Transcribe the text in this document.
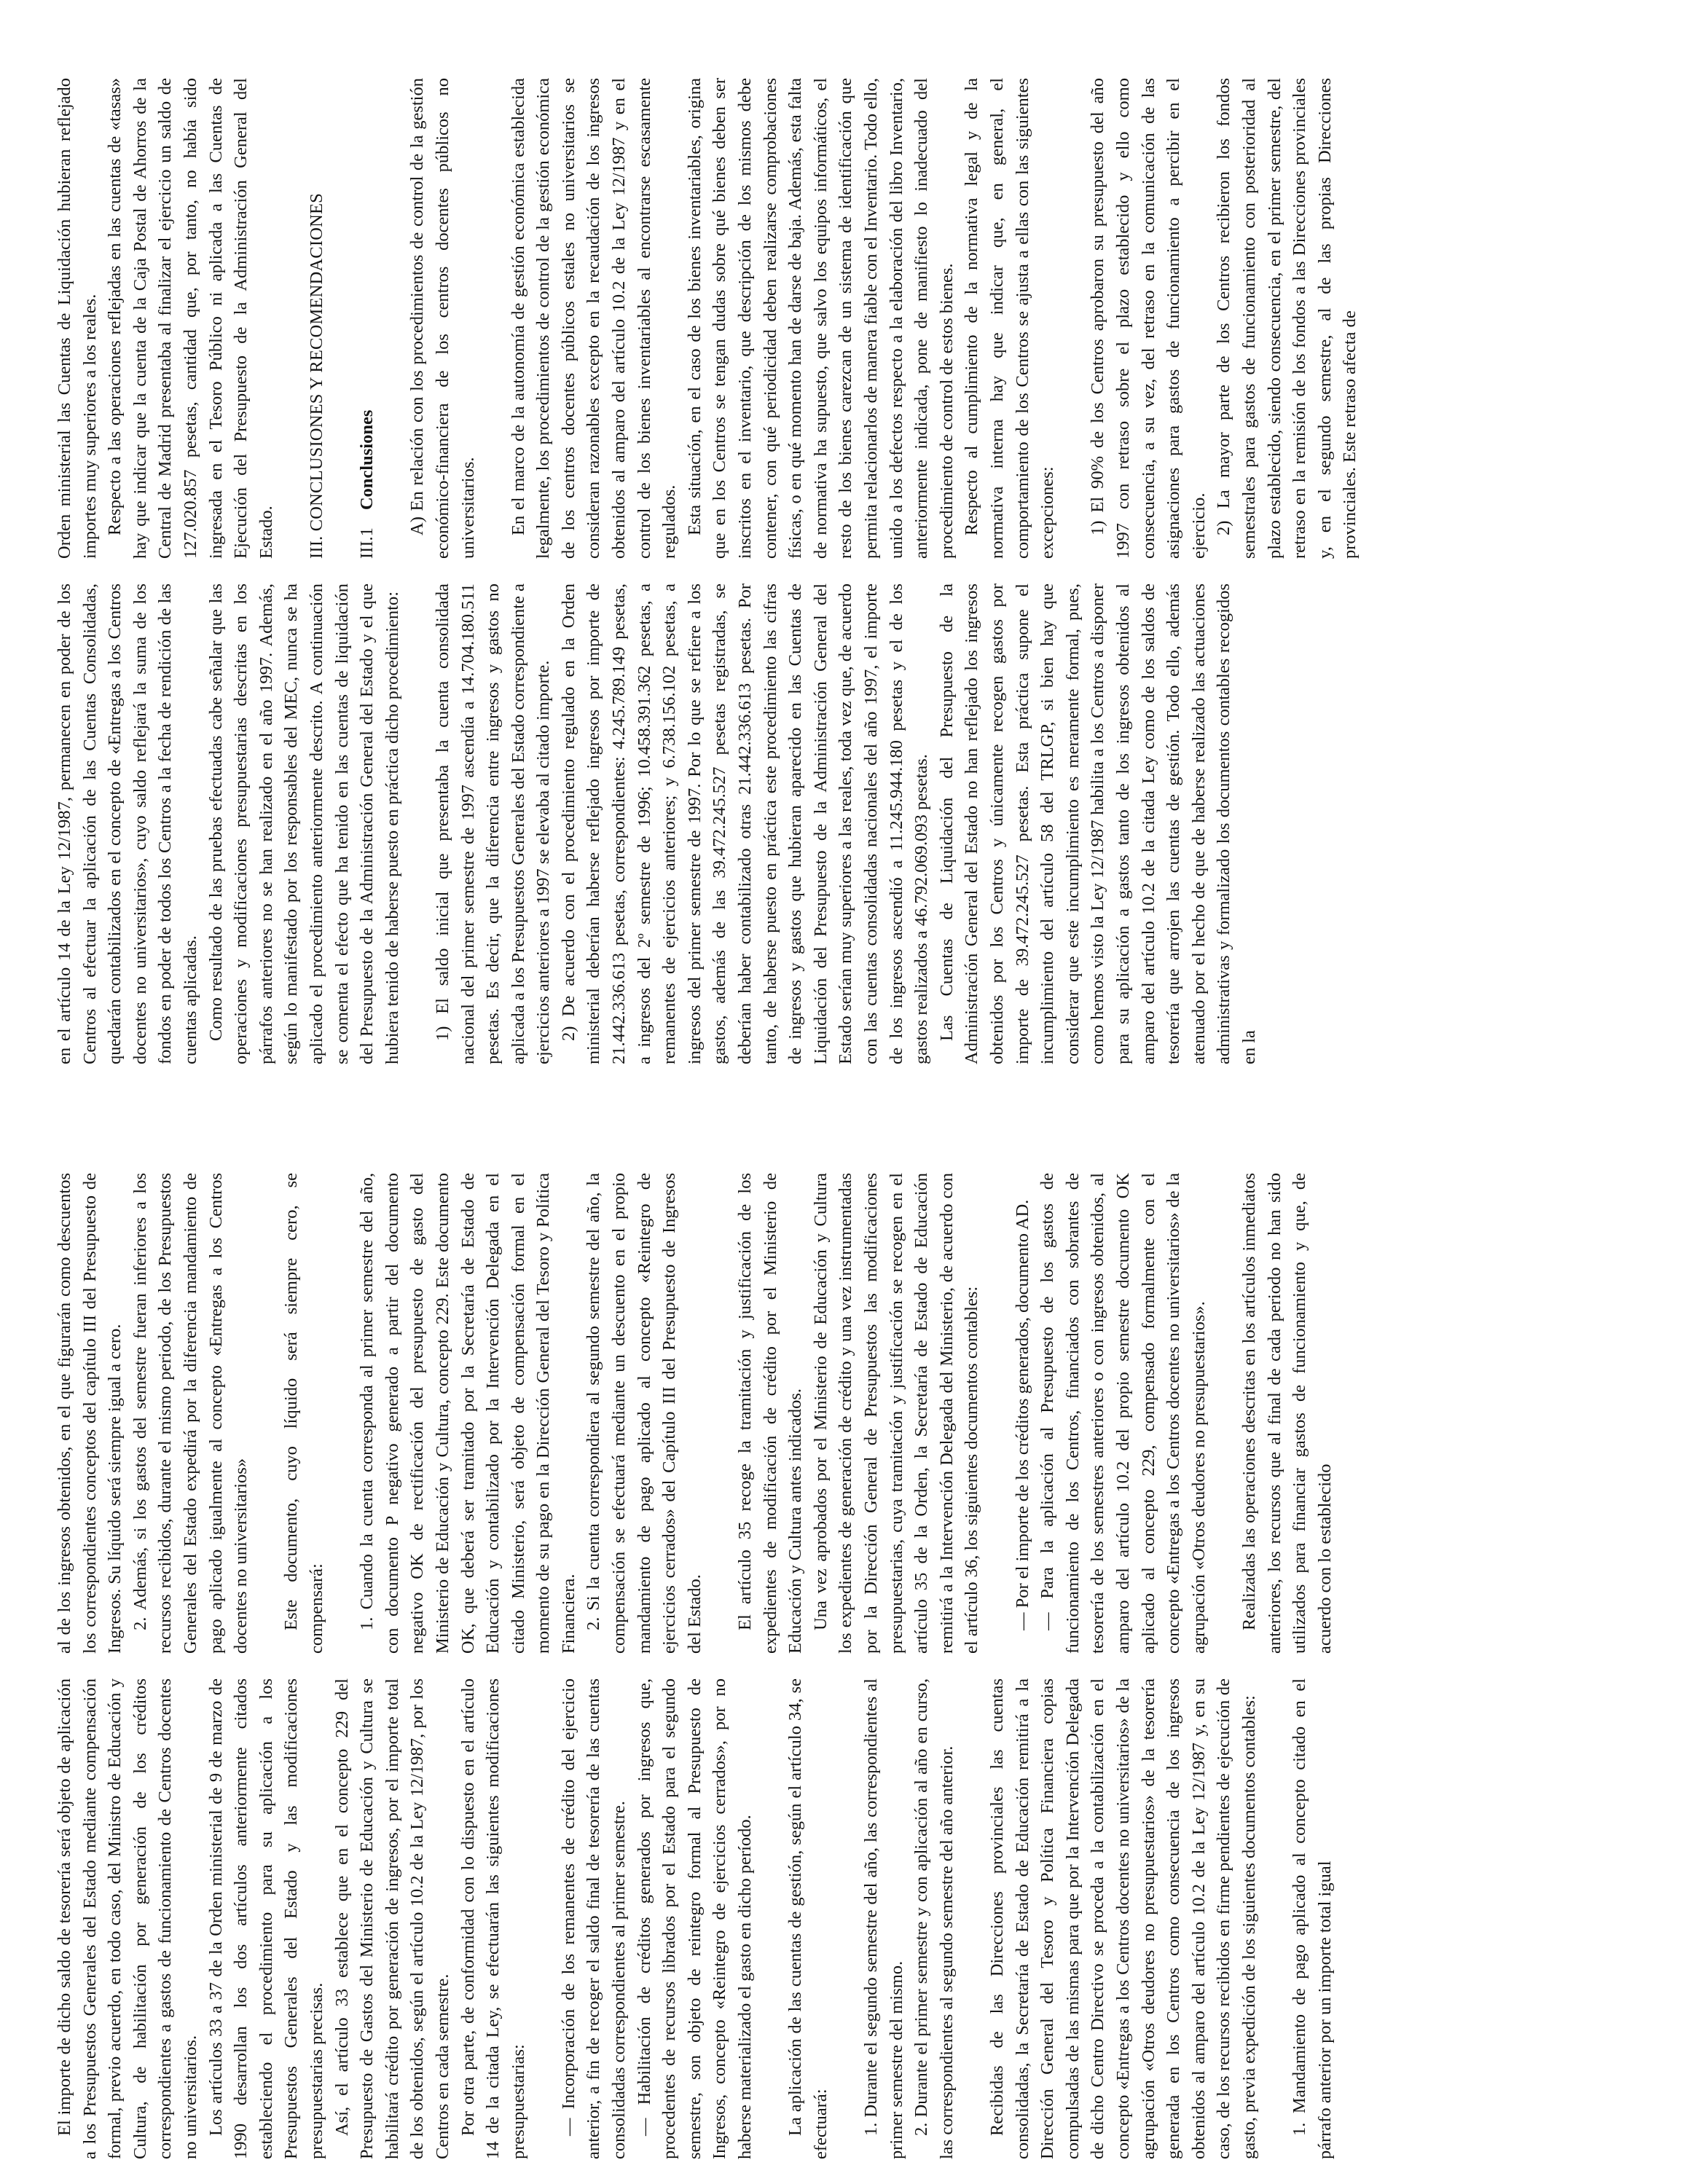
El importe de dicho saldo de tesorería será objeto de aplicación a los Presupuestos Generales del Estado mediante compensación formal, previo acuerdo, en todo caso, del Ministro de Educación y Cultura, de habilitación por generación de los créditos correspondientes a gastos de funcionamiento de Centros docentes no universitarios. Los artículos 33 a 37 de la Orden ministerial de 9 de marzo de 1990 desarrollan los dos artículos anteriormente citados estableciendo el procedimiento para su aplicación a los Presupuestos Generales del Estado y las modificaciones presupuestarias precisas. Así, el artículo 33 establece que en el concepto 229 del Presupuesto de Gastos del Ministerio de Educación y Cultura se habilitará crédito por generación de ingresos, por el importe total de los obtenidos, según el artículo 10.2 de la Ley 12/1987, por los Centros en cada semestre. Por otra parte, de conformidad con lo dispuesto en el artículo 14 de la citada Ley, se efectuarán las siguientes modificaciones presupuestarias: — Incorporación de los remanentes de crédito del ejercicio anterior, a fin de recoger el saldo final de tesorería de las cuentas consolidadas correspondientes al primer semestre. — Habilitación de créditos generados por ingresos que, procedentes de recursos librados por el Estado para el segundo semestre, son objeto de reintegro formal al Presupuesto de Ingresos, concepto «Reintegro de ejercicios cerrados», por no haberse materializado el gasto en dicho período. La aplicación de las cuentas de gestión, según el artículo 34, se efectuará: 1. Durante el segundo semestre del año, las correspondientes al primer semestre del mismo. 2. Durante el primer semestre y con aplicación al año en curso, las correspondientes al segundo semestre del año anterior. Recibidas de las Direcciones provinciales las cuentas consolidadas, la Secretaría de Estado de Educación remitirá a la Dirección General del Tesoro y Política Financiera copias compulsadas de las mismas para que por la Intervención Delegada de dicho Centro Directivo se proceda a la contabilización en el concepto «Entregas a los Centros docentes no universitarios» de la agrupación «Otros deudores no presupuestarios» de la tesorería generada en los Centros como consecuencia de los ingresos obtenidos al amparo del artículo 10.2 de la Ley 12/1987 y, en su caso, de los recursos recibidos en firme pendientes de ejecución de gasto, previa expedición de los siguientes documentos contables: 1. Mandamiento de pago aplicado al concepto citado en el párrafo anterior por un importe total igual

al de los ingresos obtenidos, en el que figurarán como descuentos los correspondientes conceptos del capítulo III del Presupuesto de Ingresos. Su líquido será siempre igual a cero. 2. Además, si los gastos del semestre fueran inferiores a los recursos recibidos, durante el mismo periodo, de los Presupuestos Generales del Estado expedirá por la diferencia mandamiento de pago aplicado igualmente al concepto «Entregas a los Centros docentes no universitarios» Este documento, cuyo líquido será siempre cero, se compensará: 1. Cuando la cuenta corresponda al primer semestre del año, con documento P negativo generado a partir del documento negativo OK de rectificación del presupuesto de gasto del Ministerio de Educación y Cultura, concepto 229. Este documento OK, que deberá ser tramitado por la Secretaría de Estado de Educación y contabilizado por la Intervención Delegada en el citado Ministerio, será objeto de compensación formal en el momento de su pago en la Dirección General del Tesoro y Política Financiera. 2. Si la cuenta correspondiera al segundo semestre del año, la compensación se efectuará mediante un descuento en el propio mandamiento de pago aplicado al concepto «Reintegro de ejercicios cerrados» del Capítulo III del Presupuesto de Ingresos del Estado. El artículo 35 recoge la tramitación y justificación de los expedientes de modificación de crédito por el Ministerio de Educación y Cultura antes indicados. Una vez aprobados por el Ministerio de Educación y Cultura los expedientes de generación de crédito y una vez instrumentadas por la Dirección General de Presupuestos las modificaciones presupuestarias, cuya tramitación y justificación se recogen en el artículo 35 de la Orden, la Secretaría de Estado de Educación remitirá a la Intervención Delegada del Ministerio, de acuerdo con el artículo 36, los siguientes documentos contables: — Por el importe de los créditos generados, documento AD. — Para la aplicación al Presupuesto de los gastos de funcionamiento de los Centros, financiados con sobrantes de tesorería de los semestres anteriores o con ingresos obtenidos, al amparo del artículo 10.2 del propio semestre documento OK aplicado al concepto 229, compensado formalmente con el concepto «Entregas a los Centros docentes no universitarios» de la agrupación «Otros deudores no presupuestarios». Realizadas las operaciones descritas en los artículos inmediatos anteriores, los recursos que al final de cada periodo no han sido utilizados para financiar gastos de funcionamiento y que, de acuerdo con lo establecido

en el artículo 14 de la Ley 12/1987, permanecen en poder de los Centros al efectuar la aplicación de las Cuentas Consolidadas, quedarán contabilizados en el concepto de «Entregas a los Centros docentes no universitarios», cuyo saldo reflejará la suma de los fondos en poder de todos los Centros a la fecha de rendición de las cuentas aplicadas. Como resultado de las pruebas efectuadas cabe señalar que las operaciones y modificaciones presupuestarias descritas en los párrafos anteriores no se han realizado en el año 1997. Además, según lo manifestado por los responsables del MEC, nunca se ha aplicado el procedimiento anteriormente descrito. A continuación se comenta el efecto que ha tenido en las cuentas de liquidación del Presupuesto de la Administración General del Estado y el que hubiera tenido de haberse puesto en práctica dicho procedimiento: 1) El saldo inicial que presentaba la cuenta consolidada nacional del primer semestre de 1997 ascendía a 14.704.180.511 pesetas. Es decir, que la diferencia entre ingresos y gastos no aplicada a los Presupuestos Generales del Estado correspondiente a ejercicios anteriores a 1997 se elevaba al citado importe. 2) De acuerdo con el procedimiento regulado en la Orden ministerial deberían haberse reflejado ingresos por importe de 21.442.336.613 pesetas, correspondientes: 4.245.789.149 pesetas, a ingresos del 2º semestre de 1996; 10.458.391.362 pesetas, a remanentes de ejercicios anteriores; y 6.738.156.102 pesetas, a ingresos del primer semestre de 1997. Por lo que se refiere a los gastos, además de las 39.472.245.527 pesetas registradas, se deberían haber contabilizado otras 21.442.336.613 pesetas. Por tanto, de haberse puesto en práctica este procedimiento las cifras de ingresos y gastos que hubieran aparecido en las Cuentas de Liquidación del Presupuesto de la Administración General del Estado serían muy superiores a las reales, toda vez que, de acuerdo con las cuentas consolidadas nacionales del año 1997, el importe de los ingresos ascendió a 11.245.944.180 pesetas y el de los gastos realizados a 46.792.069.093 pesetas. Las Cuentas de Liquidación del Presupuesto de la Administración General del Estado no han reflejado los ingresos obtenidos por los Centros y únicamente recogen gastos por importe de 39.472.245.527 pesetas. Esta práctica supone el incumplimiento del artículo 58 del TRLGP, si bien hay que considerar que este incumplimiento es meramente formal, pues, como hemos visto la Ley 12/1987 habilita a los Centros a disponer para su aplicación a gastos tanto de los ingresos obtenidos al amparo del artículo 10.2 de la citada Ley como de los saldos de tesorería que arrojen las cuentas de gestión. Todo ello, además atenuado por el hecho de que de haberse realizado las actuaciones administrativas y formalizado los documentos contables recogidos en la

Orden ministerial las Cuentas de Liquidación hubieran reflejado importes muy superiores a los reales. Respecto a las operaciones reflejadas en las cuentas de «tasas» hay que indicar que la cuenta de la Caja Postal de Ahorros de la Central de Madrid presentaba al finalizar el ejercicio un saldo de 127.020.857 pesetas, cantidad que, por tanto, no había sido ingresada en el Tesoro Público ni aplicada a las Cuentas de Ejecución del Presupuesto de la Administración General del Estado. III. CONCLUSIONES Y RECOMENDACIONES III.1Conclusiones A) En relación con los procedimientos de control de la gestión económico-financiera de los centros docentes públicos no universitarios. En el marco de la autonomía de gestión económica establecida legalmente, los procedimientos de control de la gestión económica de los centros docentes públicos estales no universitarios se consideran razonables excepto en la recaudación de los ingresos obtenidos al amparo del artículo 10.2 de la Ley 12/1987 y en el control de los bienes inventariables al encontrarse escasamente regulados. Esta situación, en el caso de los bienes inventariables, origina que en los Centros se tengan dudas sobre qué bienes deben ser inscritos en el inventario, que descripción de los mismos debe contener, con qué periodicidad deben realizarse comprobaciones físicas, o en qué momento han de darse de baja. Además, esta falta de normativa ha supuesto, que salvo los equipos informáticos, el resto de los bienes carezcan de un sistema de identificación que permita relacionarlos de manera fiable con el Inventario. Todo ello, unido a los defectos respecto a la elaboración del libro Inventario, anteriormente indicada, pone de manifiesto lo inadecuado del procedimiento de control de estos bienes. Respecto al cumplimiento de la normativa legal y de la normativa interna hay que indicar que, en general, el comportamiento de los Centros se ajusta a ellas con las siguientes excepciones: 1) El 90% de los Centros aprobaron su presupuesto del año 1997 con retraso sobre el plazo establecido y ello como consecuencia, a su vez, del retraso en la comunicación de las asignaciones para gastos de funcionamiento a percibir en el ejercicio. 2) La mayor parte de los Centros recibieron los fondos semestrales para gastos de funcionamiento con posterioridad al plazo establecido, siendo consecuencia, en el primer semestre, del retraso en la remisión de los fondos a las Direcciones provinciales y, en el segundo semestre, al de las propias Direcciones provinciales. Este retraso afecta de
